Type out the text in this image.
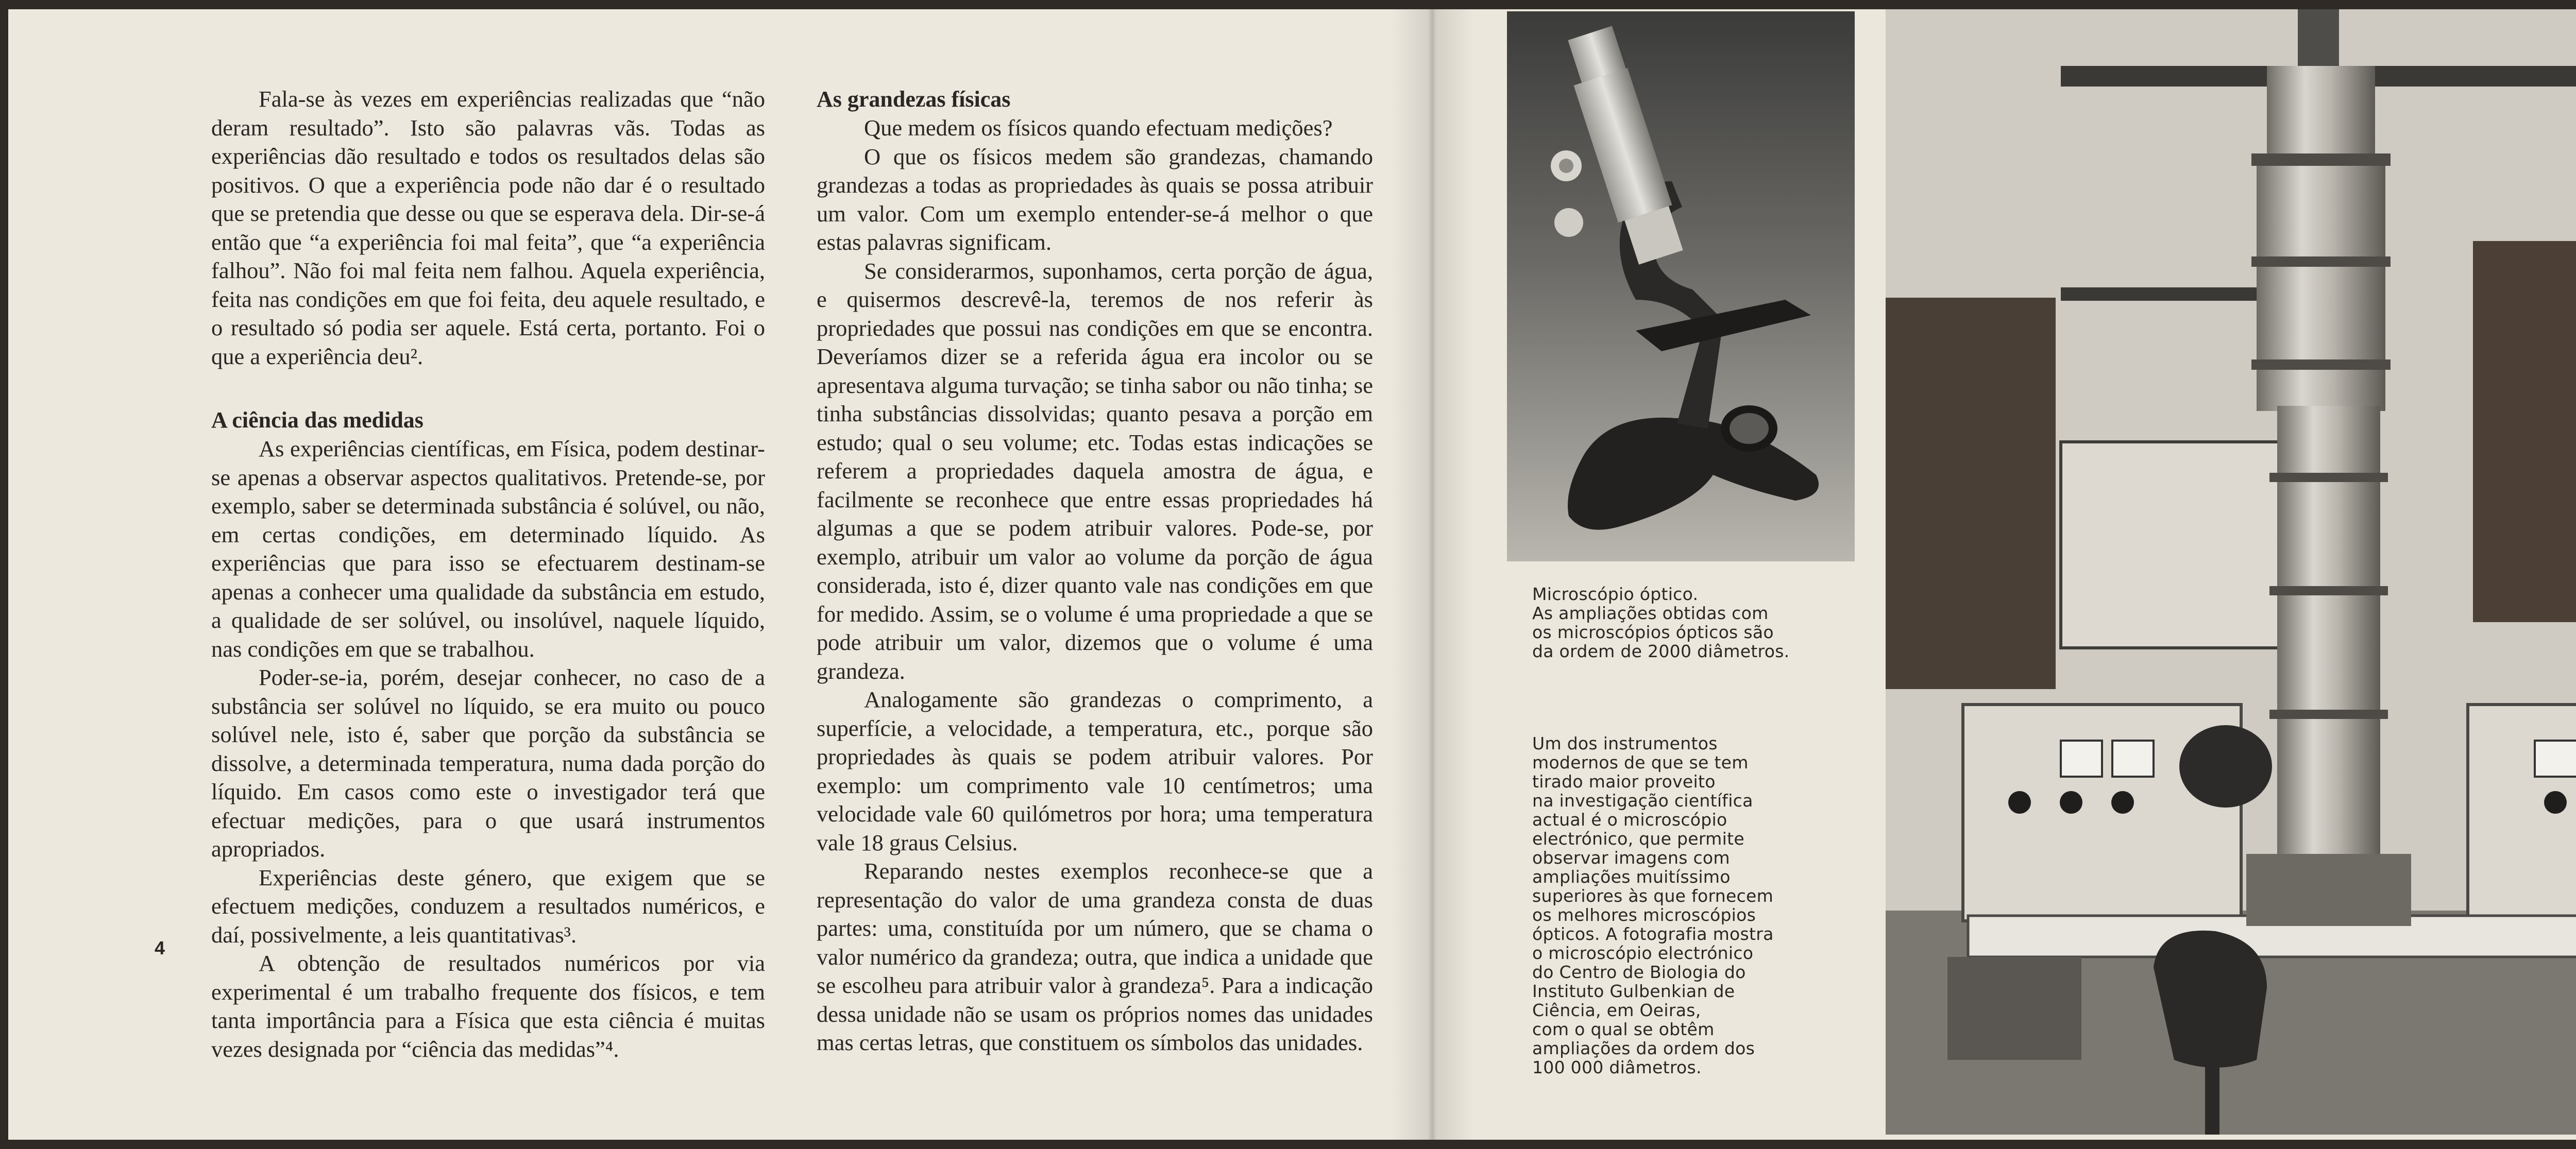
Fala-se às vezes em experiências realizadas que “não deram resultado”. Isto são palavras vãs. Todas as experiências dão resultado e todos os resultados delas são positivos. O que a experiência pode não dar é o resultado que se pretendia que desse ou que se esperava dela. Dir-se-á então que “a experiência foi mal feita”, que “a experiência falhou”. Não foi mal feita nem falhou. Aquela experiência, feita nas condições em que foi feita, deu aquele resultado, e o resultado só podia ser aquele. Está certa, portanto. Foi o que a experiência deu².

A ciência das medidas

As experiências científicas, em Física, podem destinar-se apenas a observar aspectos qualitativos. Pretende-se, por exemplo, saber se determinada substância é solúvel, ou não, em certas condições, em determinado líquido. As experiências que para isso se efectuarem destinam-se apenas a conhecer uma qualidade da substância em estudo, a qualidade de ser solúvel, ou insolúvel, naquele líquido, nas condições em que se trabalhou.

Poder-se-ia, porém, desejar conhecer, no caso de a substância ser solúvel no líquido, se era muito ou pouco solúvel nele, isto é, saber que porção da substância se dissolve, a determinada temperatura, numa dada porção do líquido. Em casos como este o investigador terá que efectuar medições, para o que usará instrumentos apropriados.

Experiências deste género, que exigem que se efectuem medições, conduzem a resultados numéricos, e daí, possivelmente, a leis quantitativas³.

A obtenção de resultados numéricos por via experimental é um trabalho frequente dos físicos, e tem tanta importância para a Física que esta ciência é muitas vezes designada por “ciência das medidas”⁴.

4
As grandezas físicas

Que medem os físicos quando efectuam medições?

O que os físicos medem são grandezas, chamando grandezas a todas as propriedades às quais se possa atribuir um valor. Com um exemplo entender-se-á melhor o que estas palavras significam.

Se considerarmos, suponhamos, certa porção de água, e quisermos descrevê-la, teremos de nos referir às propriedades que possui nas condições em que se encontra. Deveríamos dizer se a referida água era incolor ou se apresentava alguma turvação; se tinha sabor ou não tinha; se tinha substâncias dissolvidas; quanto pesava a porção em estudo; qual o seu volume; etc. Todas estas indicações se referem a propriedades daquela amostra de água, e facilmente se reconhece que entre essas propriedades há algumas a que se podem atribuir valores. Pode-se, por exemplo, atribuir um valor ao volume da porção de água considerada, isto é, dizer quanto vale nas condições em que for medido. Assim, se o volume é uma propriedade a que se pode atribuir um valor, dizemos que o volume é uma grandeza.

Analogamente são grandezas o comprimento, a superfície, a velocidade, a temperatura, etc., porque são propriedades às quais se podem atribuir valores. Por exemplo: um comprimento vale 10 centímetros; uma velocidade vale 60 quilómetros por hora; uma temperatura vale 18 graus Celsius.

Reparando nestes exemplos reconhece-se que a representação do valor de uma grandeza consta de duas partes: uma, constituída por um número, que se chama o valor numérico da grandeza; outra, que indica a unidade que se escolheu para atribuir valor à grandeza⁵. Para a indicação dessa unidade não se usam os próprios nomes das unidades mas certas letras, que constituem os símbolos das unidades.

Microscópio óptico.
As ampliações obtidas com
os microscópios ópticos são
da ordem de 2000 diâmetros.
Um dos instrumentos
modernos de que se tem
tirado maior proveito
na investigação científica
actual é o microscópio
electrónico, que permite
observar imagens com
ampliações muitíssimo
superiores às que fornecem
os melhores microscópios
ópticos. A fotografia mostra
o microscópio electrónico
do Centro de Biologia do
Instituto Gulbenkian de
Ciência, em Oeiras,
com o qual se obtêm
ampliações da ordem dos
100 000 diâmetros.
